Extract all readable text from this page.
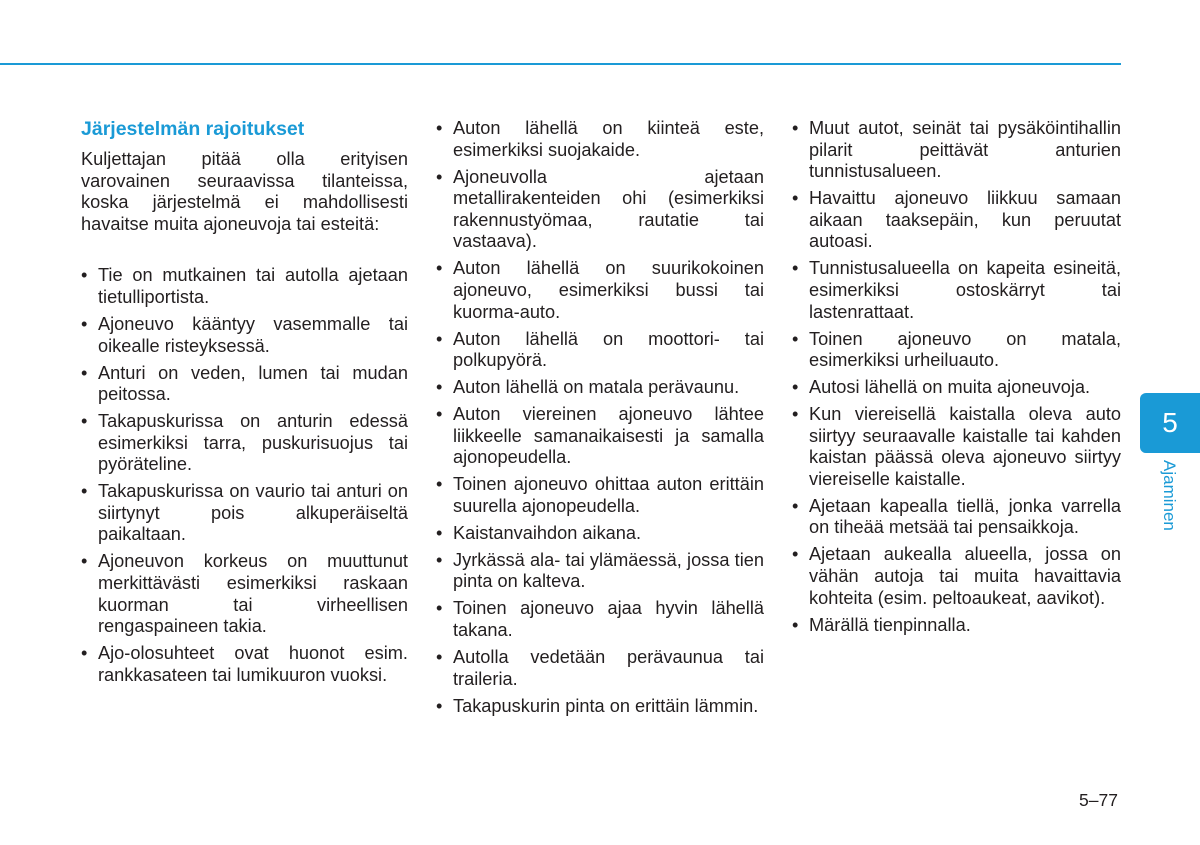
Järjestelmän rajoitukset

Kuljettajan pitää olla erityisen varovainen seuraavissa tilanteissa, koska järjestelmä ei mahdollisesti havaitse muita ajoneuvoja tai esteitä:

• Tie on mutkainen tai autolla ajetaan tietulliportista.
• Ajoneuvo kääntyy vasemmalle tai oikealle risteyksessä.
• Anturi on veden, lumen tai mudan peitossa.
• Takapuskurissa on anturin edessä esimerkiksi tarra, puskurisuojus tai pyöräteline.
• Takapuskurissa on vaurio tai anturi on siirtynyt pois alkuperäiseltä paikaltaan.
• Ajoneuvon korkeus on muuttunut merkittävästi esimerkiksi raskaan kuorman tai virheellisen rengaspaineen takia.
• Ajo-olosuhteet ovat huonot esim. rankkasateen tai lumikuuron vuoksi.
• Auton lähellä on kiinteä este, esimerkiksi suojakaide.
• Ajoneuvolla ajetaan metallirakenteiden ohi (esimerkiksi rakennustyömaa, rautatie tai vastaava).
• Auton lähellä on suurikokoinen ajoneuvo, esimerkiksi bussi tai kuorma-auto.
• Auton lähellä on moottori- tai polkupyörä.
• Auton lähellä on matala perävaunu.
• Auton viereinen ajoneuvo lähtee liikkeelle samanaikaisesti ja samalla ajonopeudella.
• Toinen ajoneuvo ohittaa auton erittäin suurella ajonopeudella.
• Kaistanvaihdon aikana.
• Jyrkässä ala- tai ylämäessä, jossa tien pinta on kalteva.
• Toinen ajoneuvo ajaa hyvin lähellä takana.
• Autolla vedetään perävaunua tai traileria.
• Takapuskurin pinta on erittäin lämmin.
• Muut autot, seinät tai pysäköintihallin pilarit peittävät anturien tunnistusalueen.
• Havaittu ajoneuvo liikkuu samaan aikaan taaksepäin, kun peruutat autoasi.
• Tunnistusalueella on kapeita esineitä, esimerkiksi ostoskärryt tai lastenrattaat.
• Toinen ajoneuvo on matala, esimerkiksi urheiluauto.
• Autosi lähellä on muita ajoneuvoja.
• Kun viereisellä kaistalla oleva auto siirtyy seuraavalle kaistalle tai kahden kaistan päässä oleva ajoneuvo siirtyy viereiselle kaistalle.
• Ajetaan kapealla tiellä, jonka varrella on tiheää metsää tai pensaikkoja.
• Ajetaan aukealla alueella, jossa on vähän autoja tai muita havaittavia kohteita (esim. peltoaukeat, aavikot).
• Märällä tienpinnalla.
5
Ajaminen
5–77
